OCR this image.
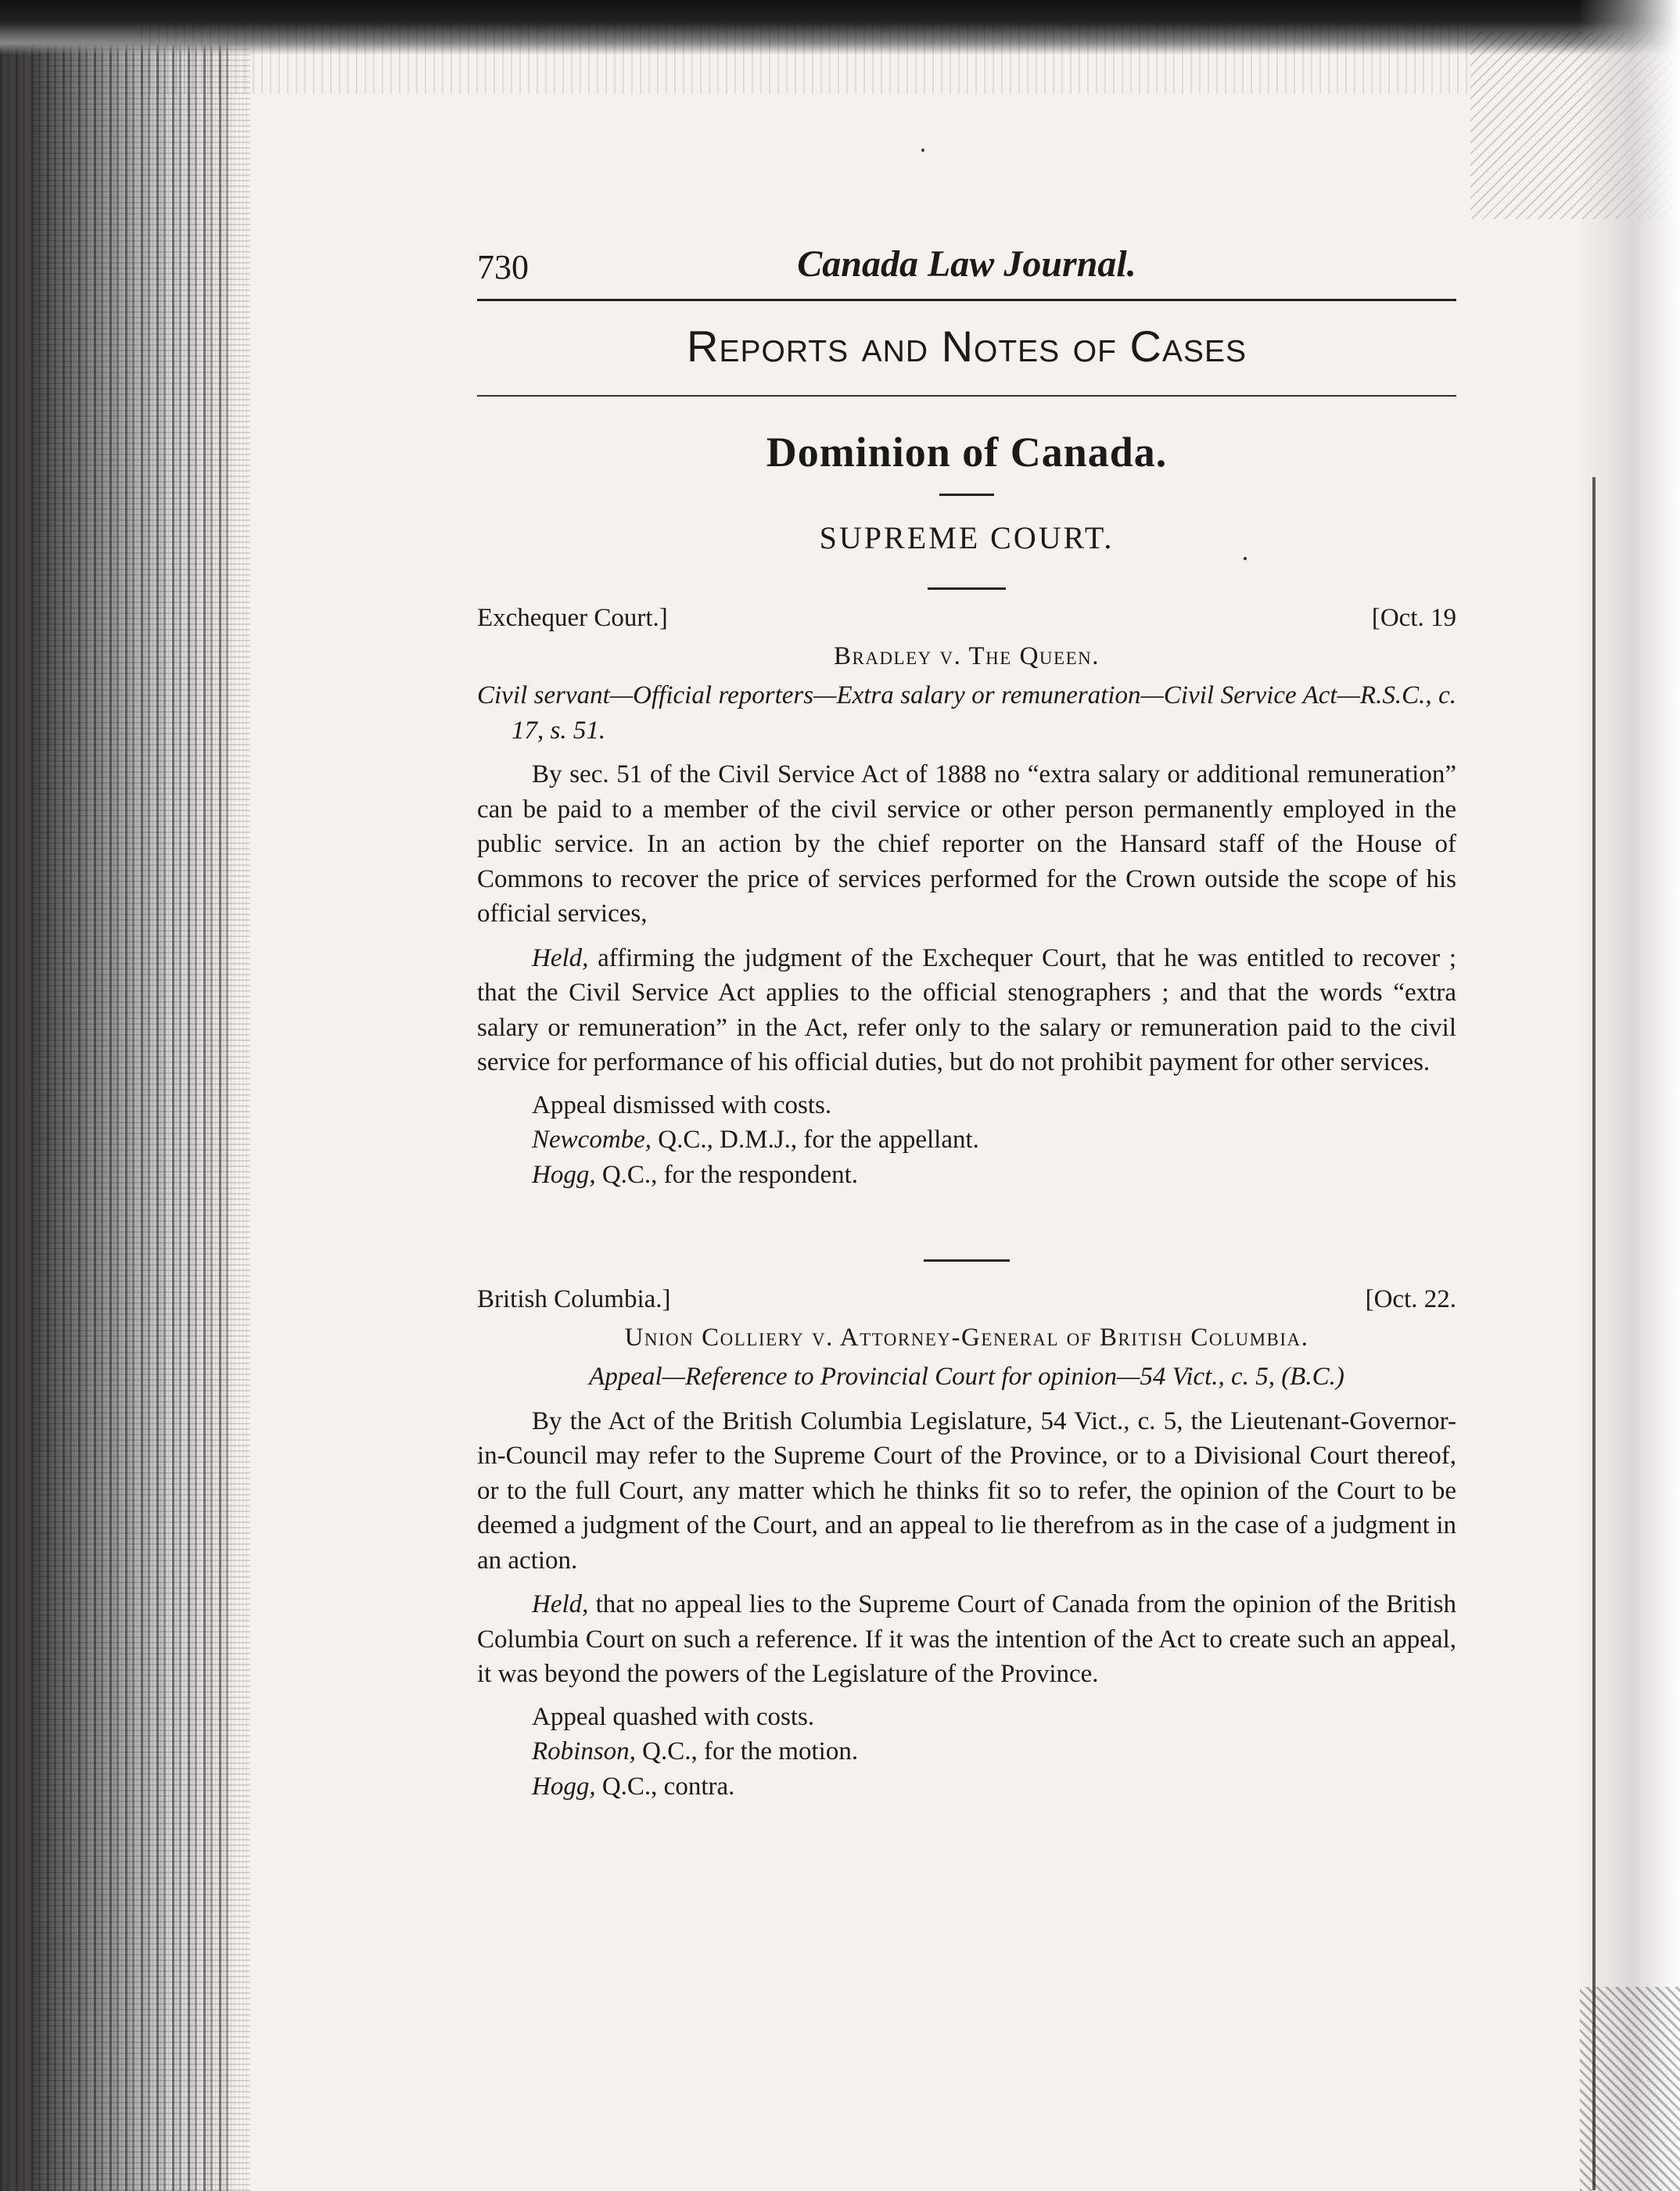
730	Canada Law Journal.
Reports and Notes of Cases
Dominion of Canada.
SUPREME COURT.
Exchequer Court.]	[Oct. 19
Bradley v. The Queen.
Civil servant—Official reporters—Extra salary or remuneration—Civil Service Act—R.S.C., c. 17, s. 51.
By sec. 51 of the Civil Service Act of 1888 no “extra salary or additional remuneration” can be paid to a member of the civil service or other person permanently employed in the public service. In an action by the chief reporter on the Hansard staff of the House of Commons to recover the price of services performed for the Crown outside the scope of his official services,
Held, affirming the judgment of the Exchequer Court, that he was entitled to recover ; that the Civil Service Act applies to the official stenographers ; and that the words “extra salary or remuneration” in the Act, refer only to the salary or remuneration paid to the civil service for performance of his official duties, but do not prohibit payment for other services.
Appeal dismissed with costs.
Newcombe, Q.C., D.M.J., for the appellant.
Hogg, Q.C., for the respondent.
British Columbia.]	[Oct. 22.
Union Colliery v. Attorney-General of British Columbia.
Appeal—Reference to Provincial Court for opinion—54 Vict., c. 5, (B.C.)
By the Act of the British Columbia Legislature, 54 Vict., c. 5, the Lieutenant-Governor-in-Council may refer to the Supreme Court of the Province, or to a Divisional Court thereof, or to the full Court, any matter which he thinks fit so to refer, the opinion of the Court to be deemed a judgment of the Court, and an appeal to lie therefrom as in the case of a judgment in an action.
Held, that no appeal lies to the Supreme Court of Canada from the opinion of the British Columbia Court on such a reference. If it was the intention of the Act to create such an appeal, it was beyond the powers of the Legislature of the Province.
Appeal quashed with costs.
Robinson, Q.C., for the motion.
Hogg, Q.C., contra.
